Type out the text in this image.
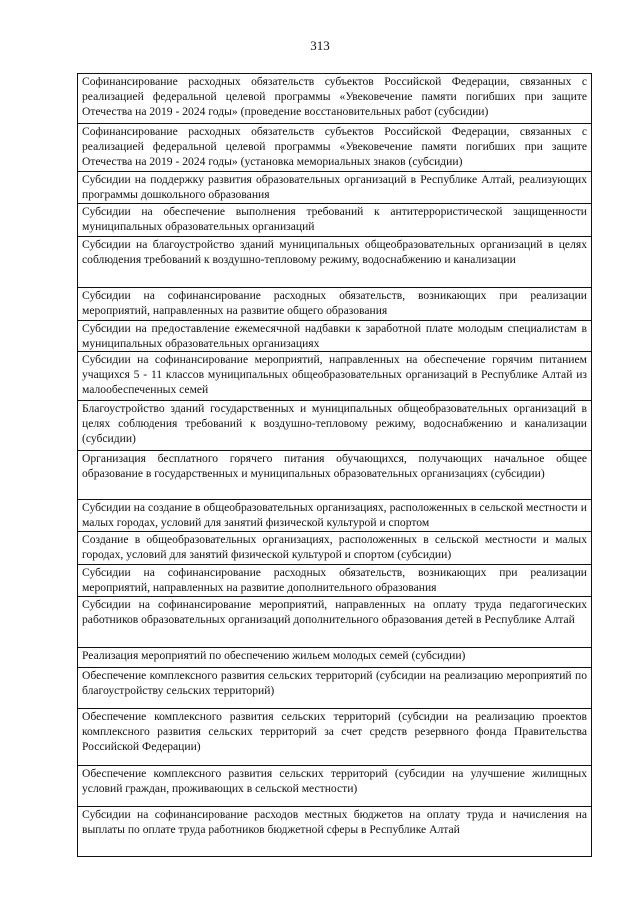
313
Софинансирование расходных обязательств субъектов Российской Федерации, связанных с реализацией федеральной целевой программы «Увековечение памяти погибших при защите Отечества на 2019 - 2024 годы» (проведение восстановительных работ (субсидии)
Софинансирование расходных обязательств субъектов Российской Федерации, связанных с реализацией федеральной целевой программы «Увековечение памяти погибших при защите Отечества на 2019 - 2024 годы» (установка мемориальных знаков (субсидии)
Субсидии на поддержку развития образовательных организаций в Республике Алтай, реализующих программы дошкольного образования
Субсидии на обеспечение выполнения требований к антитеррористической защищенности муниципальных образовательных организаций
Субсидии на благоустройство зданий муниципальных общеобразовательных организаций в целях соблюдения требований к воздушно-тепловому режиму, водоснабжению и канализации
Субсидии на софинансирование расходных обязательств, возникающих при реализации мероприятий, направленных на развитие общего образования
Субсидии на предоставление ежемесячной надбавки к заработной плате молодым специалистам в муниципальных образовательных организациях
Субсидии на софинансирование мероприятий, направленных на обеспечение горячим питанием учащихся 5 - 11 классов муниципальных общеобразовательных организаций в Республике Алтай из малообеспеченных семей
Благоустройство зданий государственных и муниципальных общеобразовательных организаций в целях соблюдения требований к воздушно-тепловому режиму, водоснабжению и канализации (субсидии)
Организация бесплатного горячего питания обучающихся, получающих начальное общее образование в государственных и муниципальных образовательных организациях (субсидии)
Субсидии на создание в общеобразовательных организациях, расположенных в сельской местности и малых городах, условий для занятий физической культурой и спортом
Создание в общеобразовательных организациях, расположенных в сельской местности и малых городах, условий для занятий физической культурой и спортом (субсидии)
Субсидии на софинансирование расходных обязательств, возникающих при реализации мероприятий, направленных на развитие дополнительного образования
Субсидии на софинансирование мероприятий, направленных на оплату труда педагогических работников образовательных организаций дополнительного образования детей в Республике Алтай
Реализация мероприятий по обеспечению жильем молодых семей (субсидии)
Обеспечение комплексного развития сельских территорий (субсидии на реализацию мероприятий по благоустройству сельских территорий)
Обеспечение комплексного развития сельских территорий (субсидии на реализацию проектов комплексного развития сельских территорий за счет средств резервного фонда Правительства Российской Федерации)
Обеспечение комплексного развития сельских территорий (субсидии на улучшение жилищных условий граждан, проживающих в сельской местности)
Субсидии на софинансирование расходов местных бюджетов на оплату труда и начисления на выплаты по оплате труда работников бюджетной сферы в Республике Алтай
